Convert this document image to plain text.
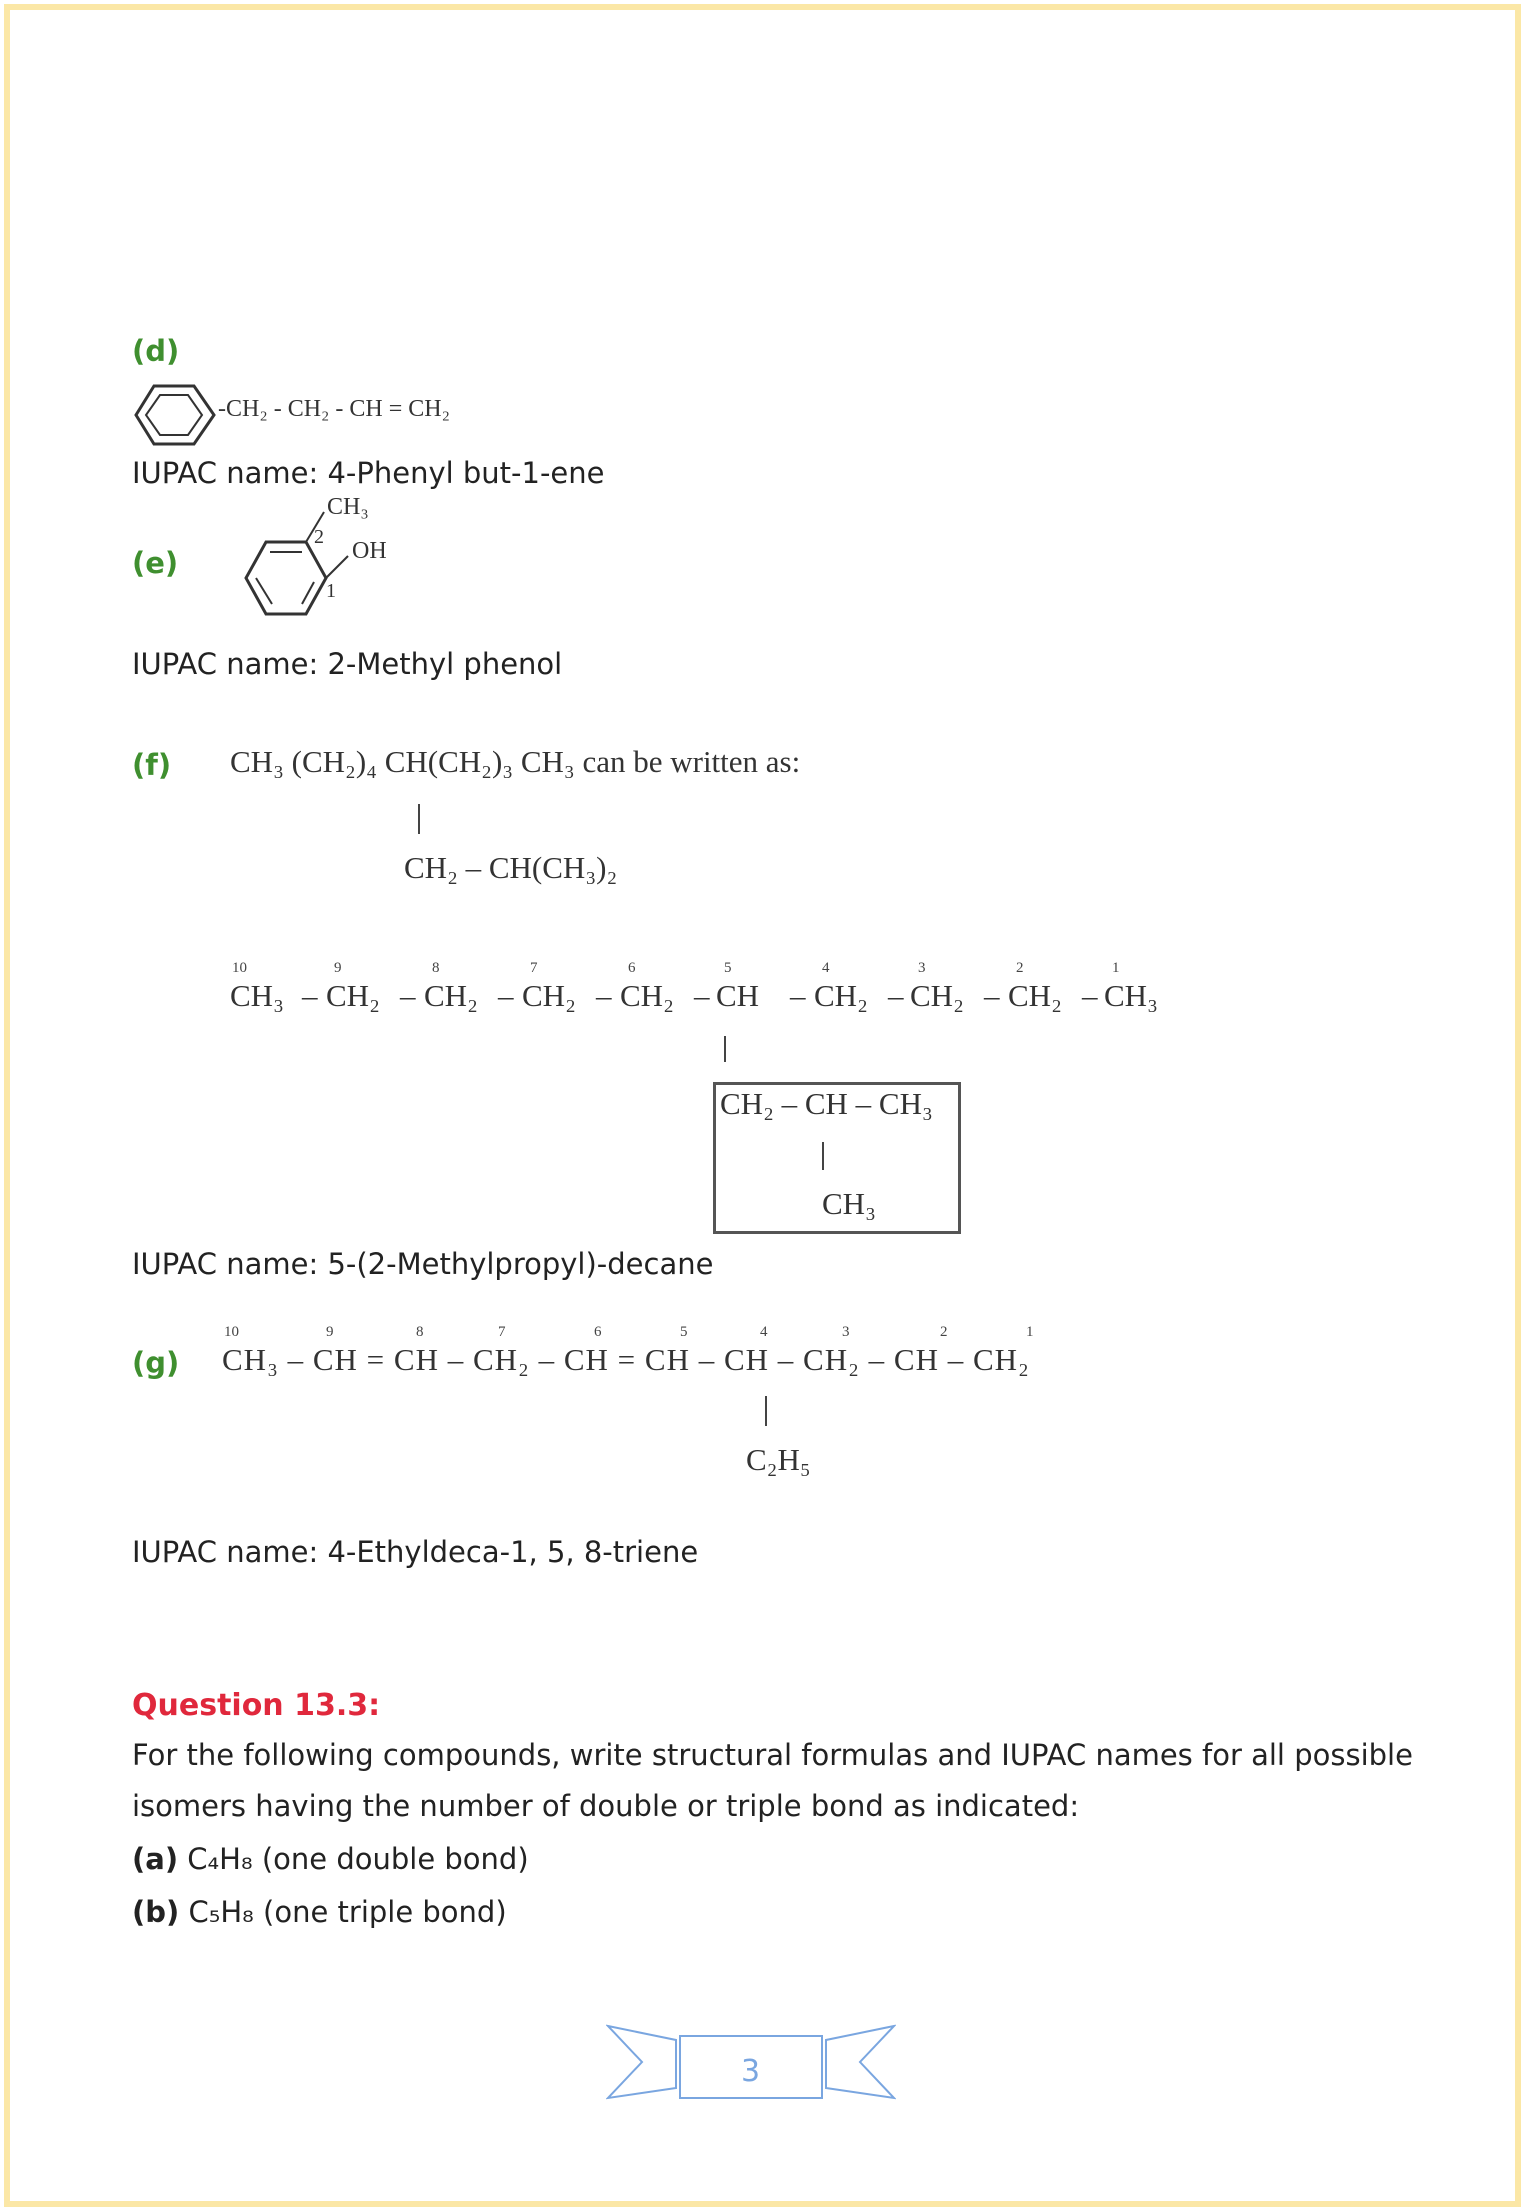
(d)
-CH₂ - CH₂ - CH = CH₂
IUPAC name: 4-Phenyl but-1-ene
(e)
CH₃
OH
2
1
IUPAC name: 2-Methyl phenol
(f) CH₃ (CH₂)₄ CH(CH₂)₃ CH₃ can be written as:
CH₂ – CH(CH₃)₂
10	9	8	7	6	5	4	3	2	1
CH₃ – CH₂ – CH₂ – CH₂ – CH₂ – CH – CH₂ – CH₂ – CH₂ – CH₃
CH₂ – CH – CH₃
CH₃
IUPAC name: 5-(2-Methylpropyl)-decane
(g)
10	9	8	7	6	5	4	3	2	1
CH₃ – CH = CH – CH₂ – CH = CH – CH – CH₂ – CH – CH₂
C₂H₅
IUPAC name: 4-Ethyldeca-1, 5, 8-triene
Question 13.3:
For the following compounds, write structural formulas and IUPAC names for all possible
isomers having the number of double or triple bond as indicated:
(a) C₄H₈ (one double bond)
(b) C₅H₈ (one triple bond)
3
